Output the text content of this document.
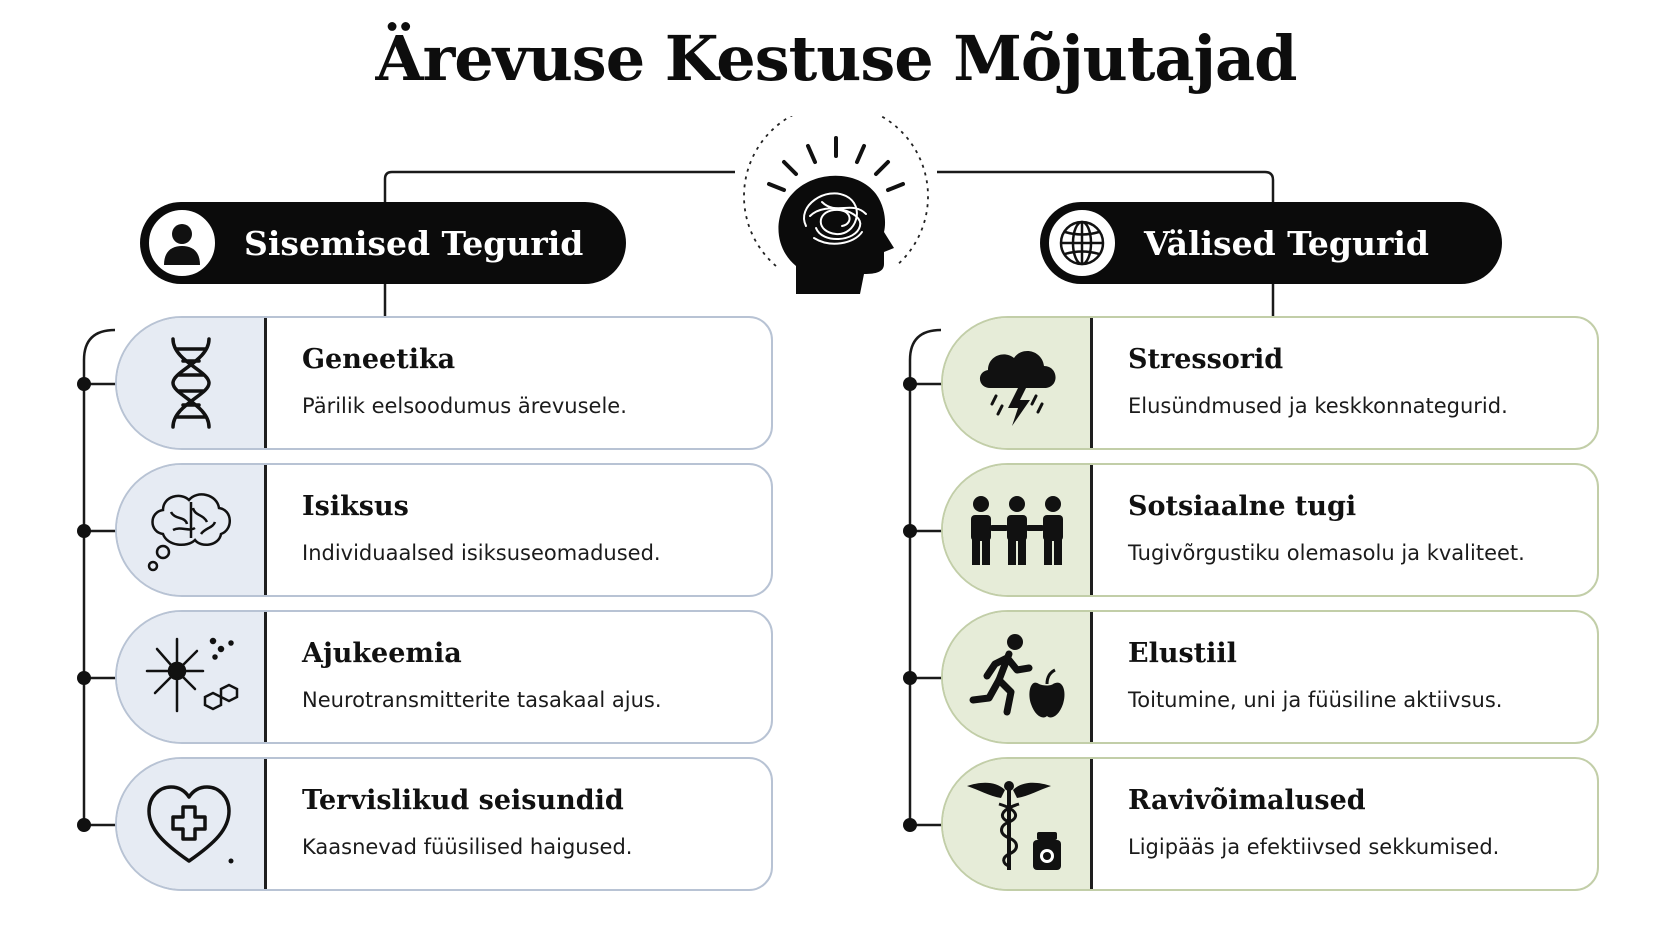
Ärevuse Kestuse Mõjutajad
Sisemised Tegurid	Välised Tegurid
Geneetika
Pärilik eelsoodumus ärevusele.
Isiksus
Individuaalsed isiksuseomadused.
Ajukeemia
Neurotransmitterite tasakaal ajus.
Tervislikud seisundid
Kaasnevad füüsilised haigused.
Stressorid
Elusündmused ja keskkonnategurid.
Sotsiaalne tugi
Tugivõrgustiku olemasolu ja kvaliteet.
Elustiil
Toitumine, uni ja füüsiline aktiivsus.
Ravivõimalused
Ligipääs ja efektiivsed sekkumised.
